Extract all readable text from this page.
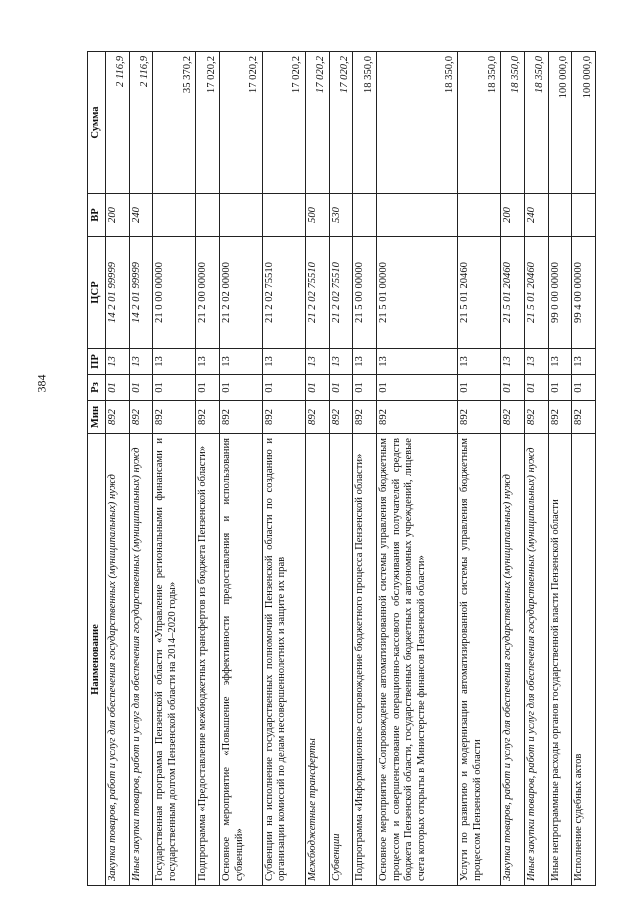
384
Наименование	Мин	Рз	ПР	ЦСР	ВР	Сумма
Закупка товаров, работ и услуг для обеспечения государственных (муниципальных) нужд	892	01	13	14 2 01 99999	200	2 116,9
Иные закупки товаров, работ и услуг для обеспечения государственных (муниципальных) нужд	892	01	13	14 2 01 99999	240	2 116,9
Государственная программа Пензенской области «Управление региональными финансами и государственным долгом Пензенской области на 2014–2020 годы»	892	01	13	21 0 00 00000		35 370,2
Подпрограмма «Предоставление межбюджетных трансфертов из бюджета Пензенской области»	892	01	13	21 2 00 00000		17 020,2
Основное мероприятие «Повышение эффективности предоставления и использования субвенций»	892	01	13	21 2 02 00000		17 020,2
Субвенции на исполнение государственных полномочий Пензенской области по созданию и организации комиссий по делам несовершеннолетних и защите их прав	892	01	13	21 2 02 75510		17 020,2
Межбюджетные трансферты	892	01	13	21 2 02 75510	500	17 020,2
Субвенции	892	01	13	21 2 02 75510	530	17 020,2
Подпрограмма «Информационное сопровождение бюджетного процесса Пензенской области»	892	01	13	21 5 00 00000		18 350,0
Основное мероприятие «Сопровождение автоматизированной системы управления бюджетным процессом и совершенствование операционно-кассового обслуживания получателей средств бюджета Пензенской области, государственных бюджетных и автономных учреждений, лицевые счета которых открыты в Министерстве финансов Пензенской области»	892	01	13	21 5 01 00000		18 350,0
Услуги по развитию и модернизации автоматизированной системы управления бюджетным процессом Пензенской области	892	01	13	21 5 01 20460		18 350,0
Закупка товаров, работ и услуг для обеспечения государственных (муниципальных) нужд	892	01	13	21 5 01 20460	200	18 350,0
Иные закупки товаров, работ и услуг для обеспечения государственных (муниципальных) нужд	892	01	13	21 5 01 20460	240	18 350,0
Иные непрограммные расходы органов государственной власти Пензенской области	892	01	13	99 0 00 00000		100 000,0
Исполнение судебных актов	892	01	13	99 4 00 00000		100 000,0
